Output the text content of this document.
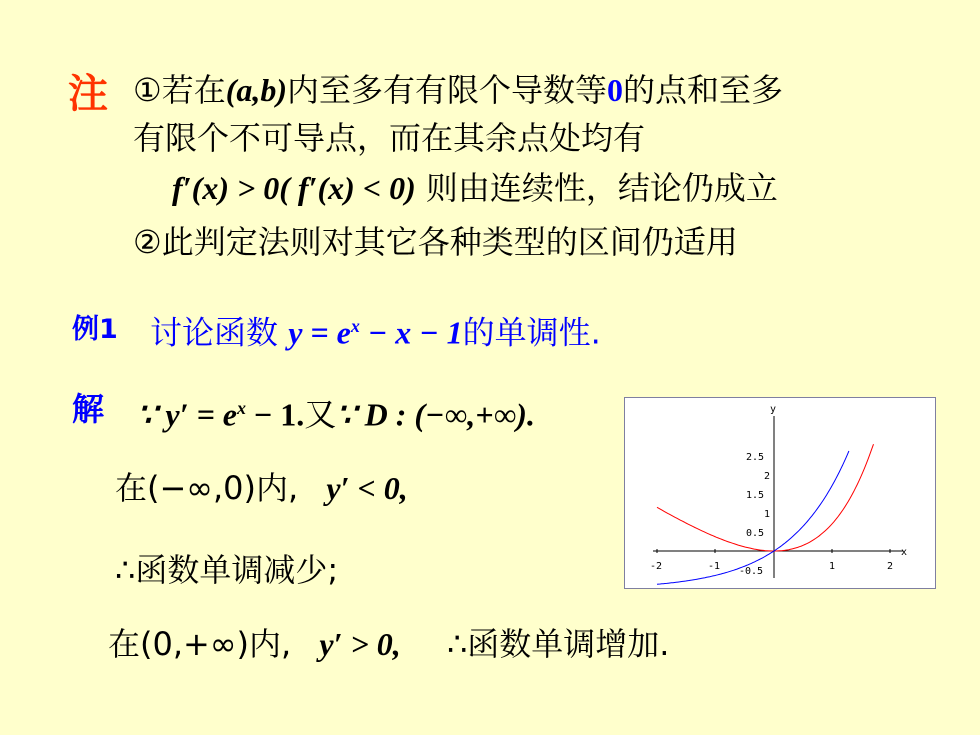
注 ①若在(a,b)内至多有有限个导数等0的点和至多
有限个不可导点，而在其余点处均有
f′(x) > 0( f′(x) < 0) 则由连续性，结论仍成立
②此判定法则对其它各种类型的区间仍适用
例1 讨论函数 $y = e^x - x - 1$的单调性.
解 ∵ $y' = e^x - 1$.又∵ D : (−∞,+∞).
在(−∞,0)内, y′ < 0,
∴函数单调减少;
在(0,+∞)内, y′ > 0, ∴函数单调增加.
y
x
-2	-1	1	2
2.5
2
1.5
1
0.5
-0.5
